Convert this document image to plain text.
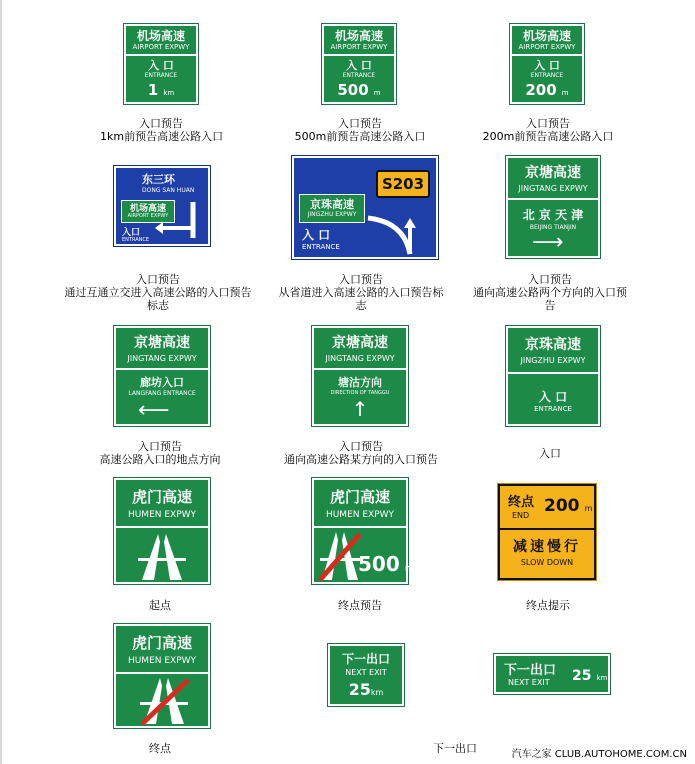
机场高速
AIRPORT EXPWY
入 口
ENTRANCE
1 km
机场高速
AIRPORT EXPWY
入 口
ENTRANCE
500 m
机场高速
AIRPORT EXPWY
入 口
ENTRANCE
200 m
入口预告
1km前预告高速公路入口
入口预告
500m前预告高速公路入口
入口预告
200m前预告高速公路入口
东三环
DONG SAN HUAN
机场高速
AIRPORT EXPWY
入口
ENTRANCE
S203
京珠高速
JINGZHU EXPWY
入 口
ENTRANCE
京塘高速
JINGTANG EXPWY
北 京 天 津
BEIJING TIANJIN
⟶
入口预告
通过互通立交进入高速公路的入口预告
标志
入口预告
从省道进入高速公路的入口预告标
志
入口预告
通向高速公路两个方向的入口预
告
京塘高速
JINGTANG EXPWY
廊坊入口
LANGFANG ENTRANCE
⟵
京塘高速
JINGTANG EXPWY
塘沽方向
DIRECTION OF TANGGU
↑
京珠高速
JINGZHU EXPWY
入 口
ENTRANCE
入口预告
高速公路入口的地点方向
入口预告
通向高速公路某方向的入口预告	入口
虎门高速
HUMEN EXPWY
虎门高速
HUMEN EXPWY
500 m
终点
END 200 m
减速慢行
SLOW DOWN
起点	终点预告	终点提示
虎门高速
HUMEN EXPWY	下一出口
NEXT EXIT
25km
下一出口
NEXT EXIT 25 km
终点	下一出口	汽车之家 CLUB.AUTOHOME.COM.CN
